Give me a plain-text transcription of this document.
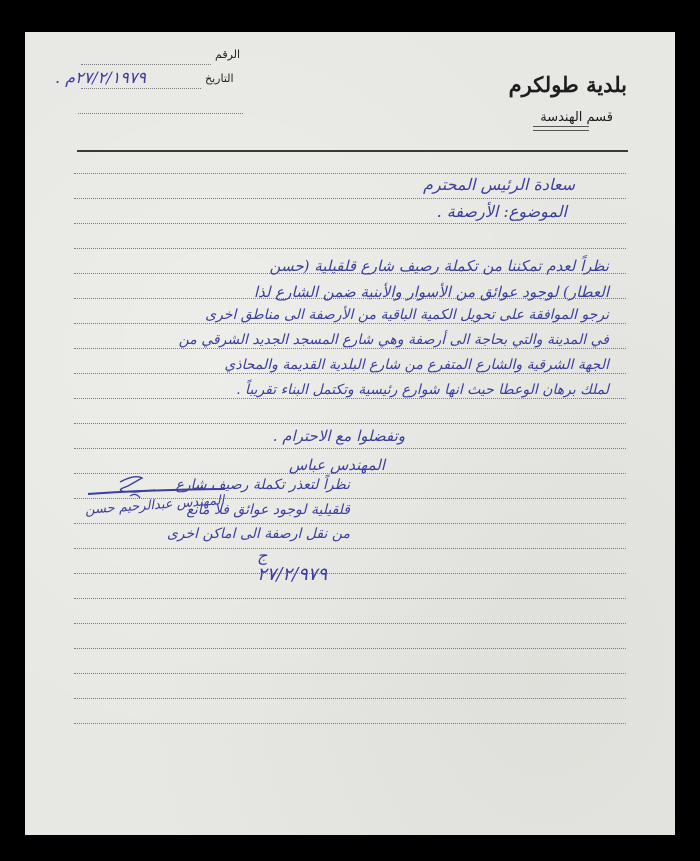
بلدية طولكرم
قسم الهندسة
الرقم
التاريخ
٢٧/٢/١٩٧٩م .
سعادة الرئيس المحترم
الموضوع: الأرصفة .
نظراً لعدم تمكننا من تكملة رصيف شارع قلقيلية (حسن
العطار) لوجود عوائق من الأسوار والأبنية ضمن الشارع لذا
نرجو الموافقة على تحويل الكمية الباقية من الأرصفة الى مناطق اخرى
في المدينة والتي بحاجة الى أرصفة وهي شارع المسجد الجديد الشرقي من
الجهة الشرقية والشارع المتفرع من شارع البلدية القديمة والمحاذي
لملك برهان الوعطا حيث انها شوارع رئيسية وتكتمل البناء تقريباً .
وتفضلوا مع الاحترام .
المهندس عباس
نظراً لتعذر تكملة رصيف شارع
قلقيلية لوجود عوائق فلا مانع
من نقل ارصفة الى اماكن اخرى
ج
٢٧/٢/٩٧٩
المهندس عبدالرحيم حسن
